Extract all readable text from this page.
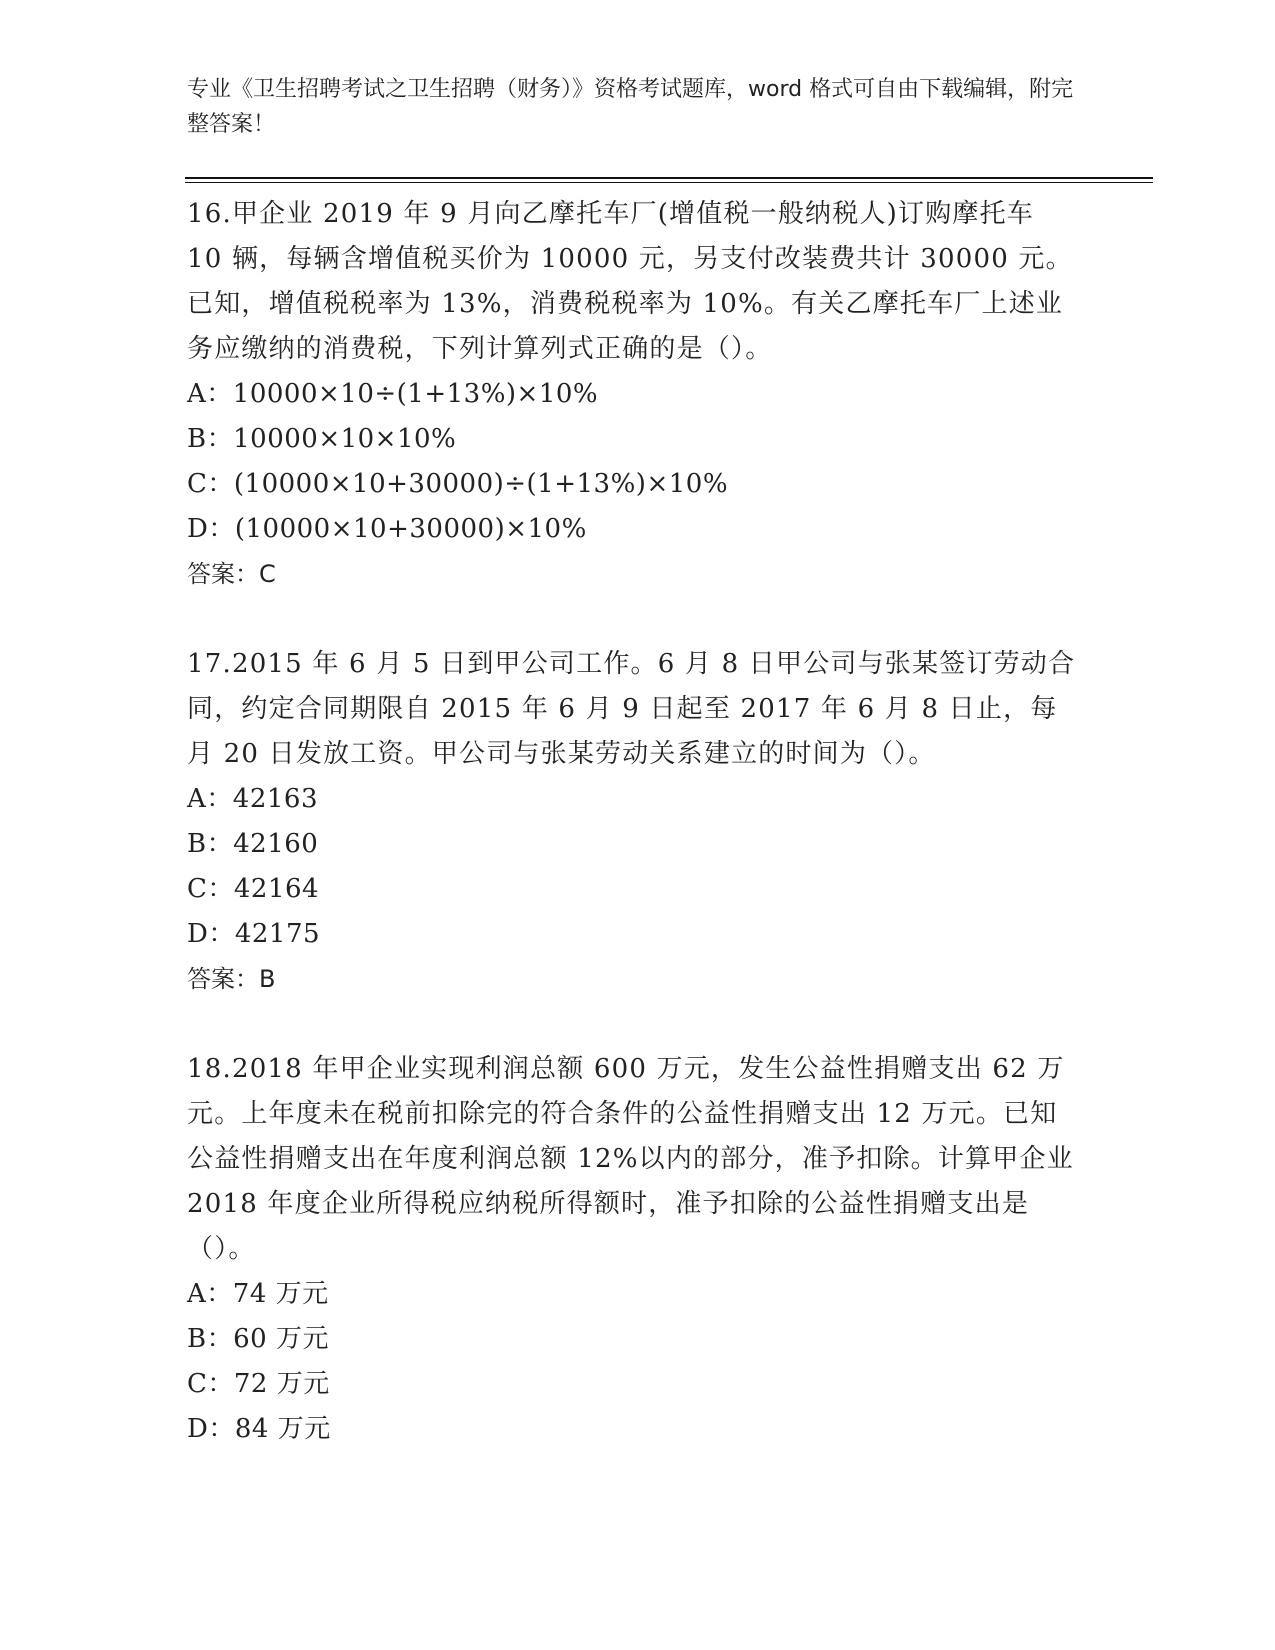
专业《卫生招聘考试之卫生招聘（财务）》资格考试题库，word 格式可自由下载编辑，附完整答案！
16.甲企业 2019 年 9 月向乙摩托车厂(增值税一般纳税人)订购摩托车 10 辆，每辆含增值税买价为 10000 元，另支付改装费共计 30000 元。已知，增值税税率为 13%，消费税税率为 10%。有关乙摩托车厂上述业务应缴纳的消费税，下列计算列式正确的是（）。
A：10000×10÷(1+13%)×10%
B：10000×10×10%
C：(10000×10+30000)÷(1+13%)×10%
D：(10000×10+30000)×10%
答案：C
17.2015 年 6 月 5 日到甲公司工作。6 月 8 日甲公司与张某签订劳动合同，约定合同期限自 2015 年 6 月 9 日起至 2017 年 6 月 8 日止，每月 20 日发放工资。甲公司与张某劳动关系建立的时间为（）。
A：42163
B：42160
C：42164
D：42175
答案：B
18.2018 年甲企业实现利润总额 600 万元，发生公益性捐赠支出 62 万元。上年度未在税前扣除完的符合条件的公益性捐赠支出 12 万元。已知公益性捐赠支出在年度利润总额 12%以内的部分，准予扣除。计算甲企业 2018 年度企业所得税应纳税所得额时，准予扣除的公益性捐赠支出是（）。
A：74 万元
B：60 万元
C：72 万元
D：84 万元
